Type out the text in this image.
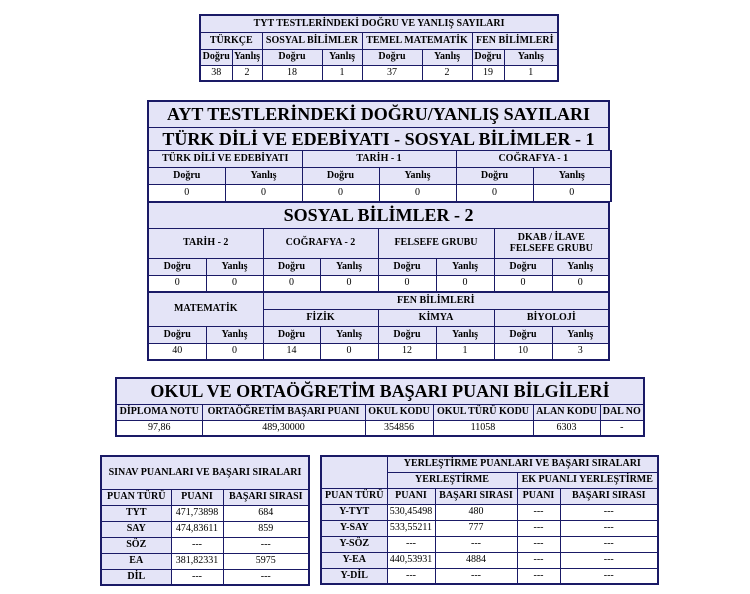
TYT TESTLERİNDEKİ DOĞRU VE YANLIŞ SAYILARI							
TÜRKÇE		SOSYAL BİLİMLER		TEMEL MATEMATİK		FEN BİLİMLERİ	
Doğru	Yanlış	Doğru	Yanlış	Doğru	Yanlış	Doğru	Yanlış
38	2	18	1	37	2	19	1
AYT TESTLERİNDEKİ DOĞRU/YANLIŞ SAYILARI
TÜRK DİLİ VE EDEBİYATI - SOSYAL BİLİMLER - 1
TÜRK DİLİ VE EDEBİYATI		TARİH - 1		COĞRAFYA - 1	
Doğru	Yanlış	Doğru	Yanlış	Doğru	Yanlış
0	0	0	0	0	0
SOSYAL BİLİMLER - 2							
TARİH - 2		COĞRAFYA - 2		FELSEFE GRUBU		DKAB / İLAVE FELSEFE GRUBU	
Doğru	Yanlış	Doğru	Yanlış	Doğru	Yanlış	Doğru	Yanlış
0	0	0	0	0	0	0	0
MATEMATİK		FEN BİLİMLERİ					
		FİZİK		KİMYA		BİYOLOJİ	
Doğru	Yanlış	Doğru	Yanlış	Doğru	Yanlış	Doğru	Yanlış
40	0	14	0	12	1	10	3
OKUL VE ORTAÖĞRETİM BAŞARI PUANI BİLGİLERİ					
DİPLOMA NOTU	ORTAÖĞRETİM BAŞARI PUANI	OKUL KODU	OKUL TÜRÜ KODU	ALAN KODU	DAL NO
97,86	489,30000	354856	11058	6303	-
SINAV PUANLARI VE BAŞARI SIRALARI		
PUAN TÜRÜ	PUANI	BAŞARI SIRASI
TYT	471,73898	684
SAY	474,83611	859
SÖZ	---	---
EA	381,82331	5975
DİL	---	---
	YERLEŞTİRME PUANLARI VE BAŞARI SIRALARI			
	YERLEŞTİRME		EK PUANLI YERLEŞTİRME	
PUAN TÜRÜ	PUANI	BAŞARI SIRASI	PUANI	BAŞARI SIRASI
Y-TYT	530,45498	480	---	---
Y-SAY	533,55211	777	---	---
Y-SÖZ	---	---	---	---
Y-EA	440,53931	4884	---	---
Y-DİL	---	---	---	---
